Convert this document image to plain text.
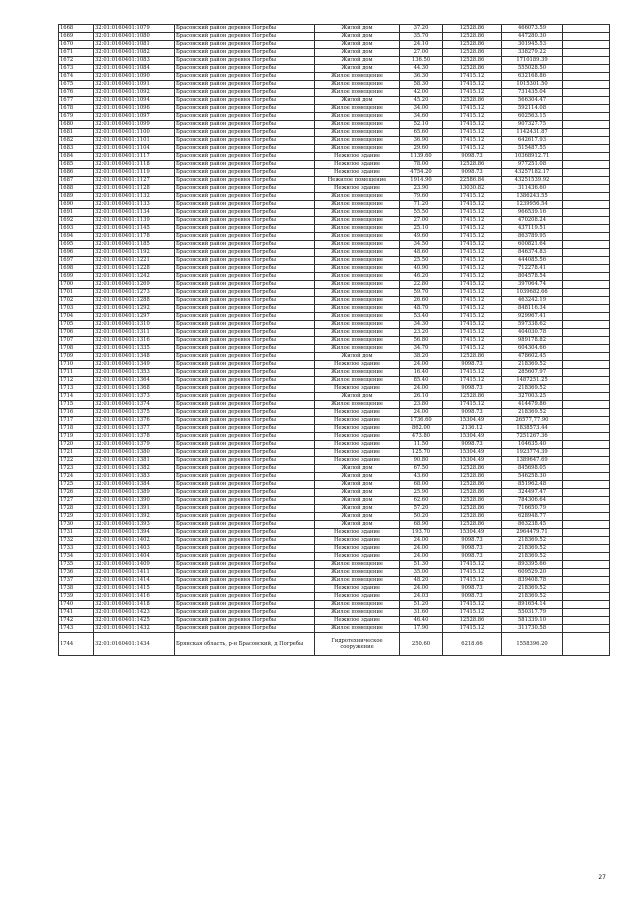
1668	32:01:0160401:1079	Брасовский район деревня Погребы	Жилой дом	37.20	12528.86	466073.59	
1669	32:01:0160401:1080	Брасовский район деревня Погребы	Жилой дом	35.70	12528.86	447280.30	
1670	32:01:0160401:1081	Брасовский район деревня Погребы	Жилой дом	24.10	12528.86	301945.53	
1671	32:01:0160401:1082	Брасовский район деревня Погребы	Жилой дом	27.00	12528.86	338279.22	
1672	32:01:0160401:1083	Брасовский район деревня Погребы	Жилой дом	136.50	12528.86	1710189.39	
1673	32:01:0160401:1084	Брасовский район деревня Погребы	Жилой дом	44.30	12528.86	555028.50	
1674	32:01:0160401:1090	Брасовский район деревня Погребы	Жилое помещение	36.30	17415.12	632168.86	
1675	32:01:0160401:1091	Брасовский район деревня Погребы	Жилое помещение	58.30	17415.12	1015301.50	
1676	32:01:0160401:1092	Брасовский район деревня Погребы	Жилое помещение	42.00	17415.12	731435.04	
1677	32:01:0160401:1094	Брасовский район деревня Погребы	Жилой дом	45.20	12528.86	566304.47	
1678	32:01:0160401:1096	Брасовский район деревня Погребы	Жилое помещение	34.00	17415.12	592114.08	
1679	32:01:0160401:1097	Брасовский район деревня Погребы	Жилое помещение	34.60	17415.12	602563.15	
1680	32:01:0160401:1099	Брасовский район деревня Погребы	Жилое помещение	52.10	17415.12	907327.75	
1681	32:01:0160401:1100	Брасовский район деревня Погребы	Жилое помещение	65.60	17415.12	1142431.87	
1682	32:01:0160401:1101	Брасовский район деревня Погребы	Жилое помещение	36.90	17415.12	642617.93	
1683	32:01:0160401:1104	Брасовский район деревня Погребы	Жилое помещение	29.60	17415.12	515487.55	
1684	32:01:0160401:1117	Брасовский район деревня Погребы	Нежилое здание	1139.60	9098.73	10368912.71	
1685	32:01:0160401:1118	Брасовский район деревня Погребы	Нежилое здание	78.00	12528.86	977251.08	
1686	32:01:0160401:1119	Брасовский район деревня Погребы	Нежилое здание	4754.20	9098.73	43257182.17	
1687	32:01:0160401:1127	Брасовский район деревня Погребы	Нежилое помещение	1914.90	22586.84	43251539.92	
1688	32:01:0160401:1128	Брасовский район деревня Погребы	Нежилое здание	23.90	13030.82	311436.60	
1689	32:01:0160401:1132	Брасовский район деревня Погребы	Жилое помещение	79.60	17415.12	1386243.55	
1690	32:01:0160401:1133	Брасовский район деревня Погребы	Жилое помещение	71.20	17415.12	1239956.54	
1691	32:01:0160401:1134	Брасовский район деревня Погребы	Жилое помещение	55.50	17415.12	966539.16	
1692	32:01:0160401:1139	Брасовский район деревня Погребы	Жилое помещение	27.00	17415.12	470208.24	
1693	32:01:0160401:1145	Брасовский район деревня Погребы	Жилое помещение	25.10	17415.12	437119.51	
1694	32:01:0160401:1178	Брасовский район деревня Погребы	Жилое помещение	49.60	17415.12	863789.95	
1695	32:01:0160401:1185	Брасовский район деревня Погребы	Жилое помещение	34.50	17415.12	600821.64	
1696	32:01:0160401:1192	Брасовский район деревня Погребы	Жилое помещение	48.60	17415.12	846374.83	
1697	32:01:0160401:1221	Брасовский район деревня Погребы	Жилое помещение	25.50	17415.12	444085.56	
1698	32:01:0160401:1228	Брасовский район деревня Погребы	Жилое помещение	40.90	17415.12	712278.41	
1699	32:01:0160401:1242	Брасовский район деревня Погребы	Жилое помещение	46.20	17415.12	804578.54	
1700	32:01:0160401:1269	Брасовский район деревня Погребы	Жилое помещение	22.80	17415.12	397064.74	
1701	32:01:0160401:1273	Брасовский район деревня Погребы	Жилое помещение	59.70	17415.12	1039682.66	
1702	32:01:0160401:1288	Брасовский район деревня Погребы	Жилое помещение	26.60	17415.12	463242.19	
1703	32:01:0160401:1292	Брасовский район деревня Погребы	Жилое помещение	48.70	17415.12	848116.34	
1704	32:01:0160401:1297	Брасовский район деревня Погребы	Жилое помещение	53.40	17415.12	929967.41	
1705	32:01:0160401:1310	Брасовский район деревня Погребы	Жилое помещение	34.30	17415.12	597338.62	
1706	32:01:0160401:1311	Брасовский район деревня Погребы	Жилое помещение	23.20	17415.12	404030.78	
1707	32:01:0160401:1316	Брасовский район деревня Погребы	Жилое помещение	56.80	17415.12	989178.82	
1708	32:01:0160401:1335	Брасовский район деревня Погребы	Жилое помещение	34.70	17415.12	604304.66	
1709	32:01:0160401:1348	Брасовский район деревня Погребы	Жилой дом	38.20	12528.86	478602.45	
1710	32:01:0160401:1349	Брасовский район деревня Погребы	Нежилое здание	24.00	9098.73	218369.52	
1711	32:01:0160401:1353	Брасовский район деревня Погребы	Жилое помещение	16.40	17415.12	285607.97	
1712	32:01:0160401:1364	Брасовский район деревня Погребы	Жилое помещение	85.40	17415.12	1487251.25	
1713	32:01:0160401:1368	Брасовский район деревня Погребы	Нежилое здание	24.00	9098.73	218369.52	
1714	32:01:0160401:1373	Брасовский район деревня Погребы	Жилой дом	26.10	12528.86	327003.25	
1715	32:01:0160401:1374	Брасовский район деревня Погребы	Жилое помещение	23.80	17415.12	414479.86	
1716	32:01:0160401:1375	Брасовский район деревня Погребы	Нежилое здание	24.00	9098.73	218369.52	
1717	32:01:0160401:1376	Брасовский район деревня Погребы	Нежилое здание	1736.60	15304.49	26577,77.90	
1718	32:01:0160401:1377	Брасовский район деревня Погребы	Нежилое здание	862.00	2136.12	1838573.44	
1719	32:01:0160401:1378	Брасовский район деревня Погребы	Нежилое здание	473.80	15304.49	7251267.36	
1720	32:01:0160401:1379	Брасовский район деревня Погребы	Нежилое здание	11.50	9098.73	104635.40	
1721	32:01:0160401:1380	Брасовский район деревня Погребы	Нежилое здание	125.70	15304.49	1923774.39	
1722	32:01:0160401:1381	Брасовский район деревня Погребы	Нежилое здание	90.80	15304.49	1389647.69	
1723	32:01:0160401:1382	Брасовский район деревня Погребы	Жилой дом	67.50	12528.86	845698.05	
1724	32:01:0160401:1383	Брасовский район деревня Погребы	Жилой дом	43.60	12528.86	546258.30	
1725	32:01:0160401:1384	Брасовский район деревня Погребы	Жилой дом	68.00	12528.86	851962.48	
1726	32:01:0160401:1389	Брасовский район деревня Погребы	Жилой дом	25.90	12528.86	324497.47	
1727	32:01:0160401:1390	Брасовский район деревня Погребы	Жилой дом	62.60	12528.86	784306.64	
1728	32:01:0160401:1391	Брасовский район деревня Погребы	Жилой дом	57.20	12528.86	716650.79	
1729	32:01:0160401:1392	Брасовский район деревня Погребы	Жилой дом	50.20	12528.86	628948.77	
1730	32:01:0160401:1393	Брасовский район деревня Погребы	Жилой дом	68.90	12528.86	863238.45	
1731	32:01:0160401:1394	Брасовский район деревня Погребы	Нежилое здание	193.70	15304.49	2964479.71	
1732	32:01:0160401:1402	Брасовский район деревня Погребы	Нежилое здание	24.00	9098.73	218369.52	
1733	32:01:0160401:1403	Брасовский район деревня Погребы	Нежилое здание	24.00	9098.73	218369.52	
1734	32:01:0160401:1404	Брасовский район деревня Погребы	Нежилое здание	24.00	9098.73	218369.52	
1735	32:01:0160401:1409	Брасовский район деревня Погребы	Жилое помещение	51.30	17415.12	893395.66	
1736	32:01:0160401:1411	Брасовский район деревня Погребы	Жилое помещение	35.00	17415.12	609529.20	
1737	32:01:0160401:1414	Брасовский район деревня Погребы	Жилое помещение	48.20	17415.12	839408.78	
1738	32:01:0160401:1415	Брасовский район деревня Погребы	Нежилое здание	24.00	9098.73	218369.52	
1739	32:01:0160401:1416	Брасовский район деревня Погребы	Нежилое здание	24.03	9098.73	218369.52	
1740	32:01:0160401:1418	Брасовский район деревня Погребы	Жилое помещение	51.20	17415.12	891654.14	
1741	32:01:0160401:1423	Брасовский район деревня Погребы	Жилое помещение	31.60	17415.12	550317.79	
1742	32:01:0160401:1425	Брасовский район деревня Погребы	Нежилое здание	46.40	12528.86	581339.10	
1743	32:01:0160401:1432	Брасовский район деревня Погребы	Жилое помещение	17.90	17415.12	311730.58	
1744	32:01:0160401:1434	Брянская область, р-н Брасовский, д Погребы	Гидротехническое сооружение	250.60	6218.66	1558396.20	
27
